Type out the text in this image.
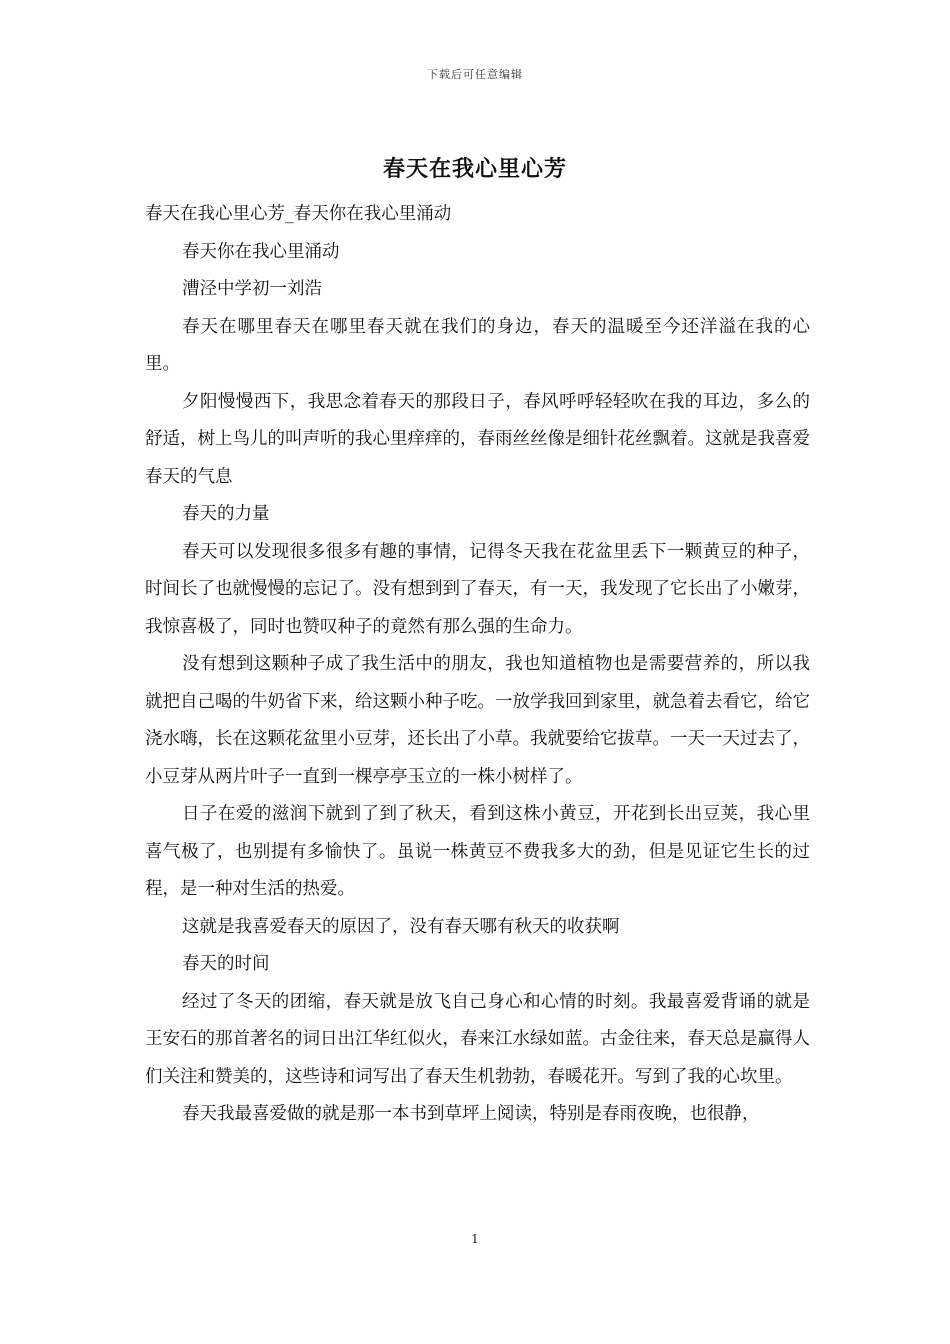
下载后可任意编辑
春天在我心里心芳

春天在我心里心芳_春天你在我心里涌动

春天你在我心里涌动

漕泾中学初一刘浩

春天在哪里春天在哪里春天就在我们的身边，春天的温暖至今还洋溢在我的心里。

夕阳慢慢西下，我思念着春天的那段日子，春风呼呼轻轻吹在我的耳边，多么的舒适，树上鸟儿的叫声听的我心里痒痒的，春雨丝丝像是细针花丝飘着。这就是我喜爱春天的气息

春天的力量

春天可以发现很多很多有趣的事情，记得冬天我在花盆里丢下一颗黄豆的种子，时间长了也就慢慢的忘记了。没有想到到了春天，有一天，我发现了它长出了小嫩芽，我惊喜极了，同时也赞叹种子的竟然有那么强的生命力。

没有想到这颗种子成了我生活中的朋友，我也知道植物也是需要营养的，所以我就把自己喝的牛奶省下来，给这颗小种子吃。一放学我回到家里，就急着去看它，给它浇水嗨，长在这颗花盆里小豆芽，还长出了小草。我就要给它拔草。一天一天过去了，小豆芽从两片叶子一直到一棵亭亭玉立的一株小树样了。

日子在爱的滋润下就到了到了秋天，看到这株小黄豆，开花到长出豆荚，我心里喜气极了，也别提有多愉快了。虽说一株黄豆不费我多大的劲，但是见证它生长的过程，是一种对生活的热爱。

这就是我喜爱春天的原因了，没有春天哪有秋天的收获啊

春天的时间

经过了冬天的团缩，春天就是放飞自己身心和心情的时刻。我最喜爱背诵的就是王安石的那首著名的词日出江华红似火，春来江水绿如蓝。古金往来，春天总是赢得人们关注和赞美的，这些诗和词写出了春天生机勃勃，春暖花开。写到了我的心坎里。

春天我最喜爱做的就是那一本书到草坪上阅读，特别是春雨夜晚，也很静，

1
